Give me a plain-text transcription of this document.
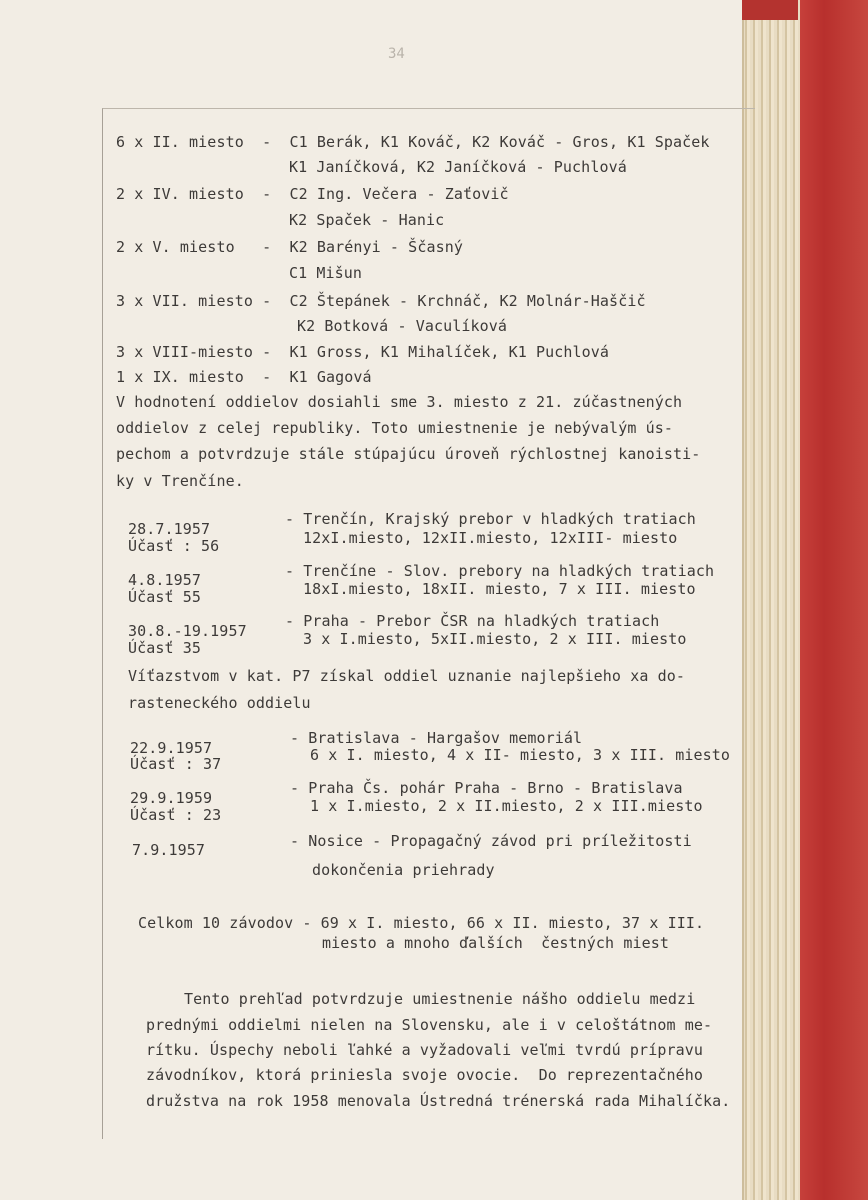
34
6 x II. miesto  -  C1 Berák, K1 Kováč, K2 Kováč - Gros, K1 Spaček
K1 Janíčková, K2 Janíčková - Puchlová
2 x IV. miesto  -  C2 Ing. Večera - Zaťovič
K2 Spaček - Hanic
2 x V. miesto   -  K2 Barényi - Ščasný
C1 Mišun
3 x VII. miesto -  C2 Štepánek - Krchnáč, K2 Molnár-Haščič
K2 Botková - Vaculíková
3 x VIII-miesto -  K1 Gross, K1 Mihalíček, K1 Puchlová
1 x IX. miesto  -  K1 Gagová
V hodnotení oddielov dosiahli sme 3. miesto z 21. zúčastnených
oddielov z celej republiky. Toto umiestnenie je nebývalým ús-
pechom a potvrdzuje stále stúpajúcu úroveň rýchlostnej kanoisti-
ky v Trenčíne.
28.7.1957
Účasť : 56
- Trenčín, Krajský prebor v hladkých tratiach
12xI.miesto, 12xII.miesto, 12xIII- miesto
4.8.1957
Účasť 55
- Trenčíne - Slov. prebory na hladkých tratiach
18xI.miesto, 18xII. miesto, 7 x III. miesto
30.8.-19.1957
Účasť 35
- Praha - Prebor ČSR na hladkých tratiach
3 x I.miesto, 5xII.miesto, 2 x III. miesto
Víťazstvom v kat. P7 získal oddiel uznanie najlepšieho xa do-
rasteneckého oddielu
22.9.1957
Účasť : 37
- Bratislava - Hargašov memoriál
6 x I. miesto, 4 x II- miesto, 3 x III. miesto
29.9.1959
Účasť : 23
- Praha Čs. pohár Praha - Brno - Bratislava
1 x I.miesto, 2 x II.miesto, 2 x III.miesto
7.9.1957	- Nosice - Propagačný závod pri príležitosti
dokončenia priehrady
Celkom 10 závodov - 69 x I. miesto, 66 x II. miesto, 37 x III.
miesto a mnoho ďalších  čestných miest
Tento prehľad potvrdzuje umiestnenie nášho oddielu medzi
prednými oddielmi nielen na Slovensku, ale i v celoštátnom me-
rítku. Úspechy neboli ľahké a vyžadovali veľmi tvrdú prípravu
závodníkov, ktorá priniesla svoje ovocie.  Do reprezentačného
družstva na rok 1958 menovala Ústredná trénerská rada Mihalíčka.
